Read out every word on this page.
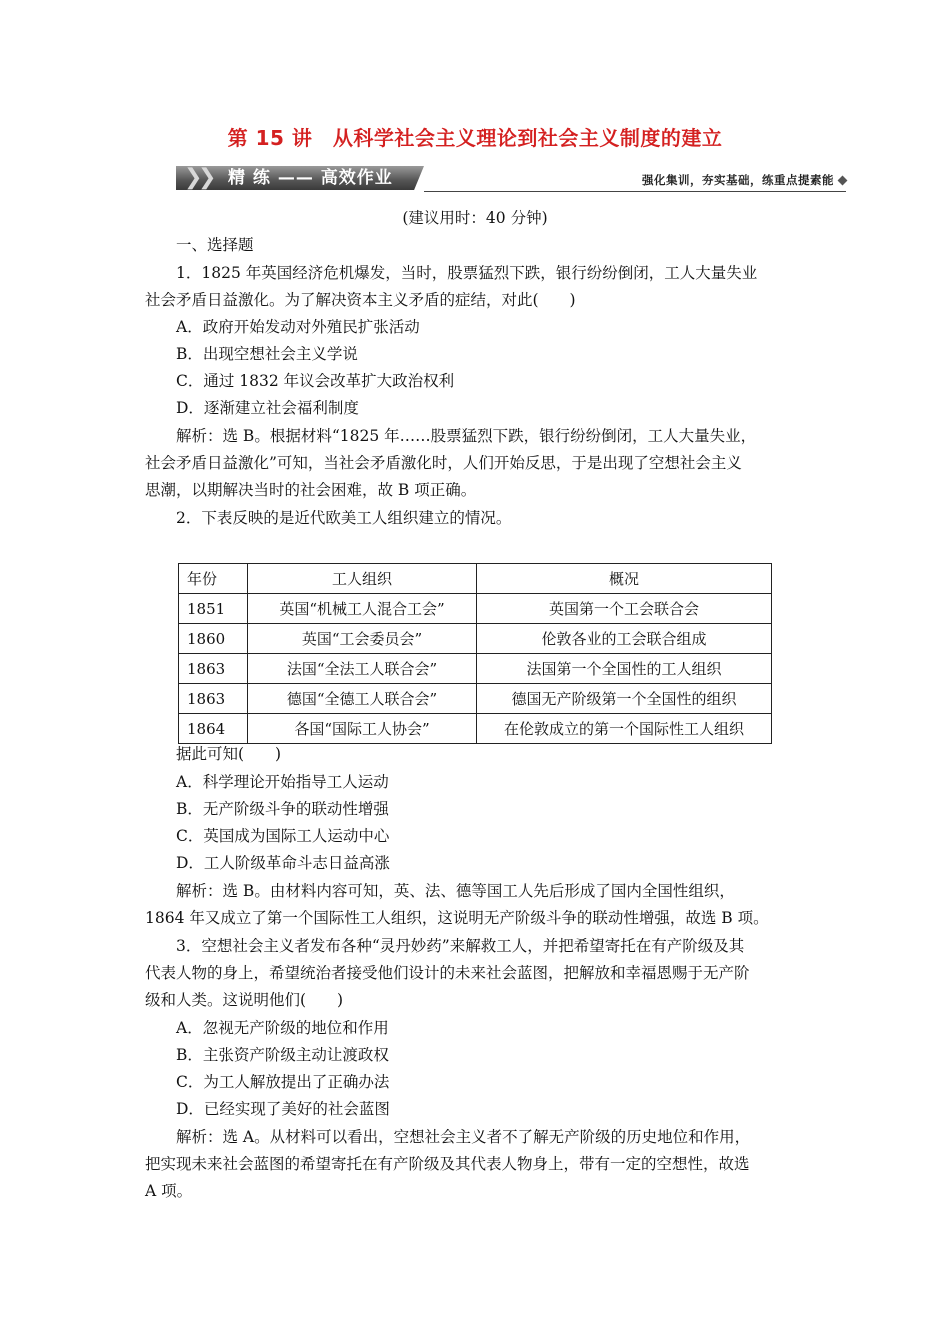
第 15 讲　从科学社会主义理论到社会主义制度的建立
❯
❯ 精 练 —— 高效作业	强化集训，夯实基础，练重点提素能
(建议用时：40 分钟)
一、选择题
1．1825 年英国经济危机爆发，当时，股票猛烈下跌，银行纷纷倒闭，工人大量失业
社会矛盾日益激化。为了解决资本主义矛盾的症结，对此(　　)
A．政府开始发动对外殖民扩张活动
B．出现空想社会主义学说
C．通过 1832 年议会改革扩大政治权利
D．逐渐建立社会福利制度
解析：选 B。根据材料“1825 年……股票猛烈下跌，银行纷纷倒闭，工人大量失业，
社会矛盾日益激化”可知，当社会矛盾激化时，人们开始反思，于是出现了空想社会主义
思潮，以期解决当时的社会困难，故 B 项正确。
2．下表反映的是近代欧美工人组织建立的情况。
年份	工人组织	概况
1851	英国“机械工人混合工会”	英国第一个工会联合会
1860	英国“工会委员会”	伦敦各业的工会联合组成
1863	法国“全法工人联合会”	法国第一个全国性的工人组织
1863	德国“全德工人联合会”	德国无产阶级第一个全国性的组织
1864	各国“国际工人协会”	在伦敦成立的第一个国际性工人组织
据此可知(　　)
A．科学理论开始指导工人运动
B．无产阶级斗争的联动性增强
C．英国成为国际工人运动中心
D．工人阶级革命斗志日益高涨
解析：选 B。由材料内容可知，英、法、德等国工人先后形成了国内全国性组织，
1864 年又成立了第一个国际性工人组织，这说明无产阶级斗争的联动性增强，故选 B 项。
3．空想社会主义者发布各种“灵丹妙药”来解救工人，并把希望寄托在有产阶级及其
代表人物的身上，希望统治者接受他们设计的未来社会蓝图，把解放和幸福恩赐于无产阶
级和人类。这说明他们(　　)
A．忽视无产阶级的地位和作用
B．主张资产阶级主动让渡政权
C．为工人解放提出了正确办法
D．已经实现了美好的社会蓝图
解析：选 A。从材料可以看出，空想社会主义者不了解无产阶级的历史地位和作用，
把实现未来社会蓝图的希望寄托在有产阶级及其代表人物身上，带有一定的空想性，故选
A 项。
